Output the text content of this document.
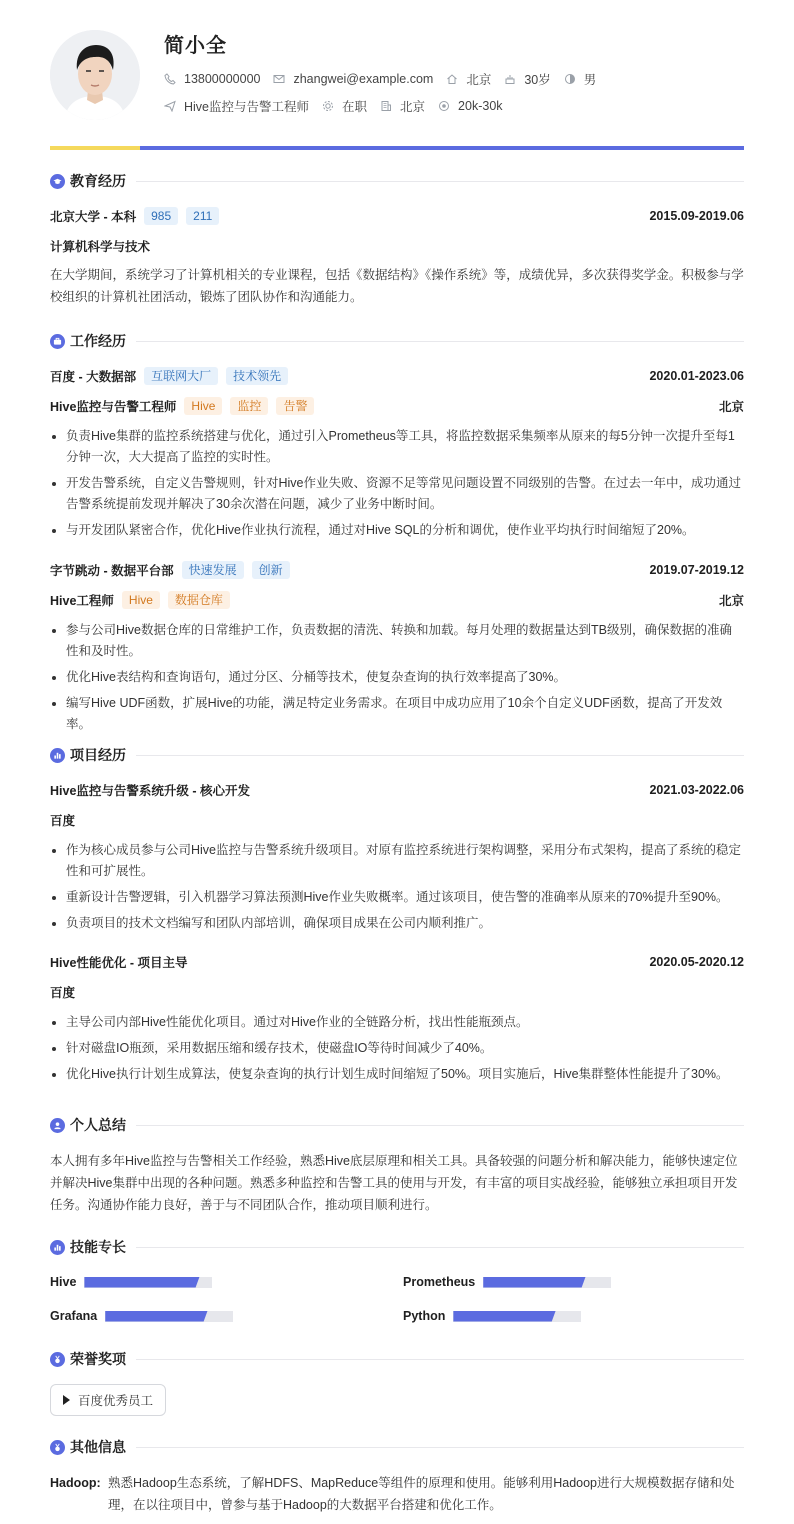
简小全
13800000000	zhangwei@example.com	北京	30岁	男
Hive监控与告警工程师	在职	北京	20k-30k
教育经历
北京大学 - 本科	985	211	2015.09-2019.06
计算机科学与技术
在大学期间，系统学习了计算机相关的专业课程，包括《数据结构》《操作系统》等，成绩优异，多次获得奖学金。积极参与学校组织的计算机社团活动，锻炼了团队协作和沟通能力。
工作经历
百度 - 大数据部	互联网大厂	技术领先	2020.01-2023.06
Hive监控与告警工程师	Hive	监控	告警	北京
负责Hive集群的监控系统搭建与优化，通过引入Prometheus等工具，将监控数据采集频率从原来的每5分钟一次提升至每1分钟一次，大大提高了监控的实时性。
开发告警系统，自定义告警规则，针对Hive作业失败、资源不足等常见问题设置不同级别的告警。在过去一年中，成功通过告警系统提前发现并解决了30余次潜在问题，减少了业务中断时间。
与开发团队紧密合作，优化Hive作业执行流程，通过对Hive SQL的分析和调优，使作业平均执行时间缩短了20%。
字节跳动 - 数据平台部	快速发展	创新	2019.07-2019.12
Hive工程师	Hive	数据仓库	北京
参与公司Hive数据仓库的日常维护工作，负责数据的清洗、转换和加载。每月处理的数据量达到TB级别，确保数据的准确性和及时性。
优化Hive表结构和查询语句，通过分区、分桶等技术，使复杂查询的执行效率提高了30%。
编写Hive UDF函数，扩展Hive的功能，满足特定业务需求。在项目中成功应用了10余个自定义UDF函数，提高了开发效率。
项目经历
Hive监控与告警系统升级 - 核心开发	2021.03-2022.06
百度
作为核心成员参与公司Hive监控与告警系统升级项目。对原有监控系统进行架构调整，采用分布式架构，提高了系统的稳定性和可扩展性。
重新设计告警逻辑，引入机器学习算法预测Hive作业失败概率。通过该项目，使告警的准确率从原来的70%提升至90%。
负责项目的技术文档编写和团队内部培训，确保项目成果在公司内顺利推广。
Hive性能优化 - 项目主导	2020.05-2020.12
百度
主导公司内部Hive性能优化项目。通过对Hive作业的全链路分析，找出性能瓶颈点。
针对磁盘IO瓶颈，采用数据压缩和缓存技术，使磁盘IO等待时间减少了40%。
优化Hive执行计划生成算法，使复杂查询的执行计划生成时间缩短了50%。项目实施后，Hive集群整体性能提升了30%。
个人总结
本人拥有多年Hive监控与告警相关工作经验，熟悉Hive底层原理和相关工具。具备较强的问题分析和解决能力，能够快速定位并解决Hive集群中出现的各种问题。熟悉多种监控和告警工具的使用与开发，有丰富的项目实战经验，能够独立承担项目开发任务。沟通协作能力良好，善于与不同团队合作，推动项目顺利进行。
技能专长
Hive	Prometheus
Grafana	Python
荣誉奖项
百度优秀员工
其他信息
Hadoop: 熟悉Hadoop生态系统，了解HDFS、MapReduce等组件的原理和使用。能够利用Hadoop进行大规模数据存储和处理，在以往项目中，曾参与基于Hadoop的大数据平台搭建和优化工作。
